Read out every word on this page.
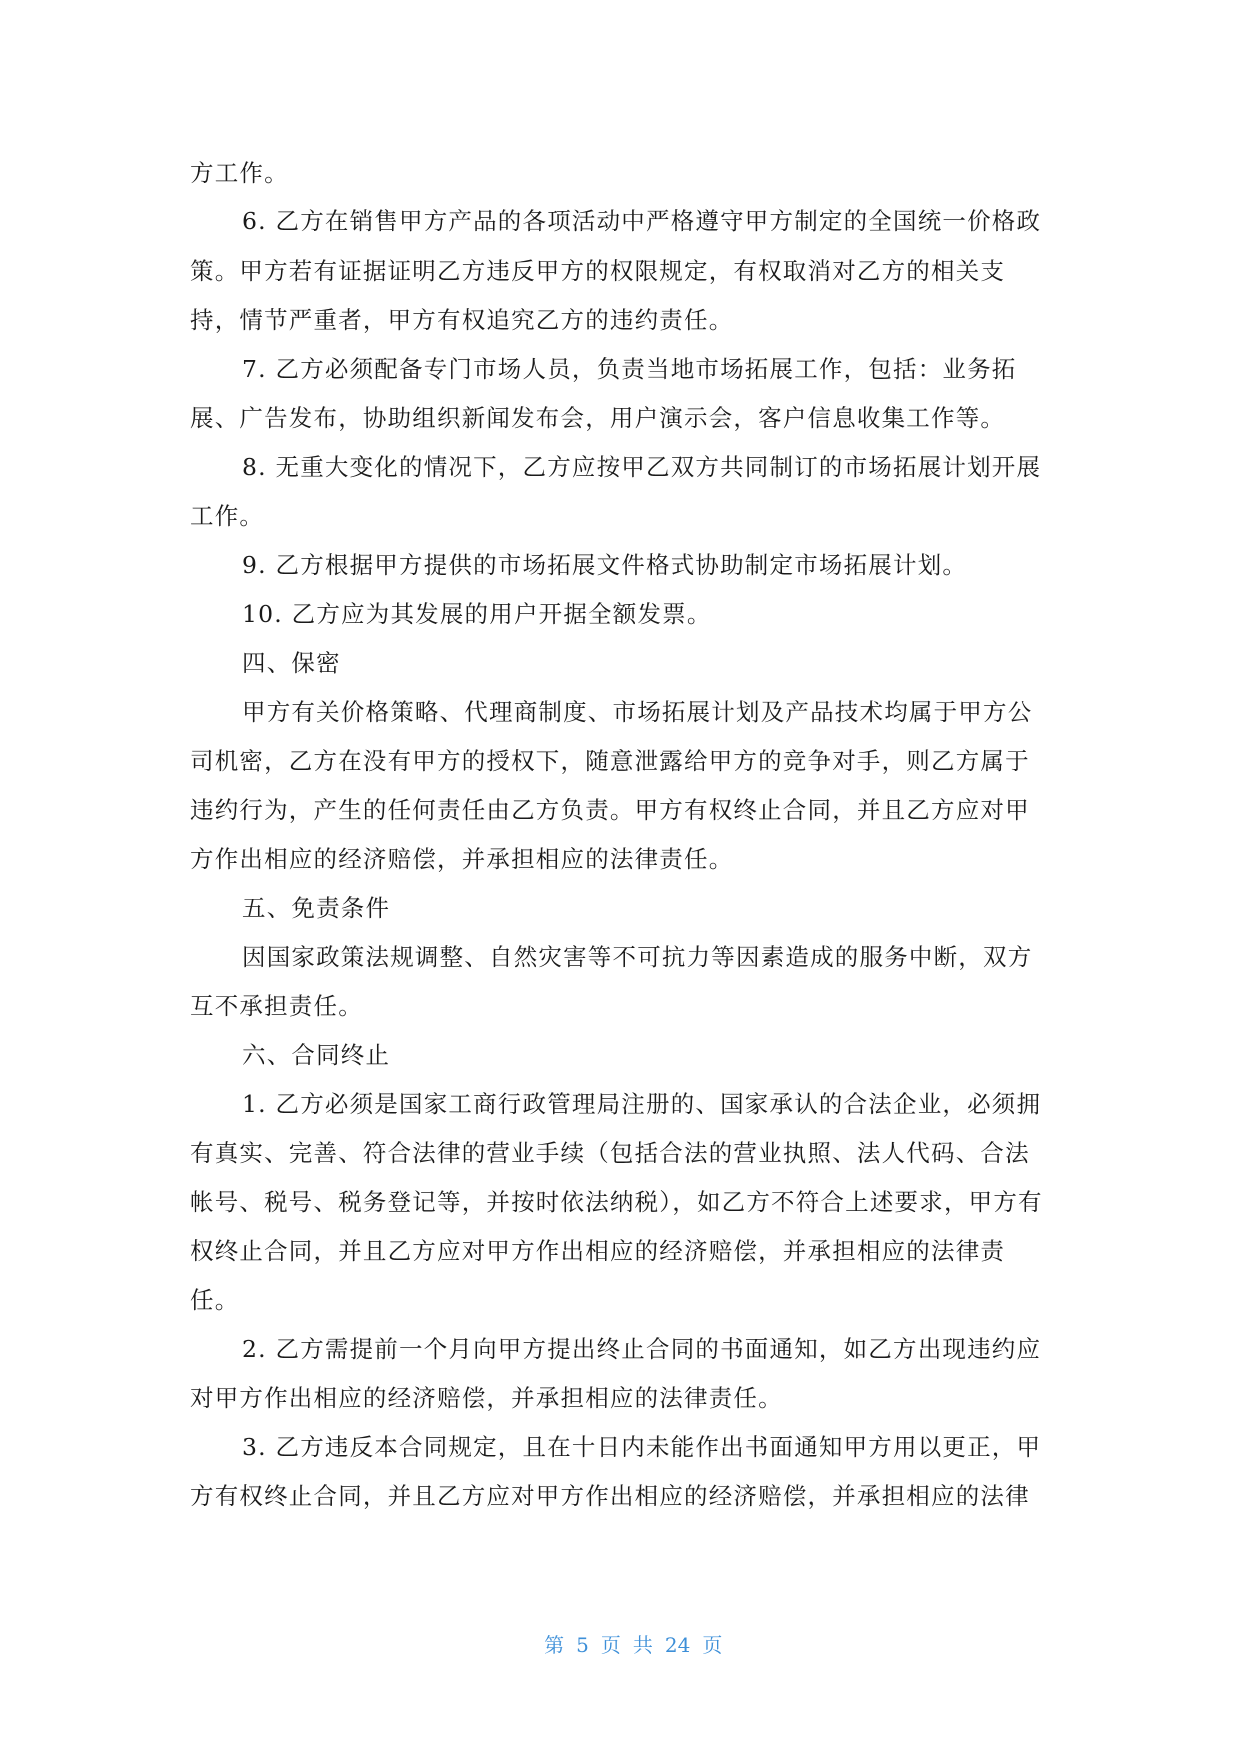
方工作。
6. 乙方在销售甲方产品的各项活动中严格遵守甲方制定的全国统一价格政
策。甲方若有证据证明乙方违反甲方的权限规定，有权取消对乙方的相关支
持，情节严重者，甲方有权追究乙方的违约责任。
7. 乙方必须配备专门市场人员，负责当地市场拓展工作，包括：业务拓
展、广告发布，协助组织新闻发布会，用户演示会，客户信息收集工作等。
8. 无重大变化的情况下，乙方应按甲乙双方共同制订的市场拓展计划开展
工作。
9. 乙方根据甲方提供的市场拓展文件格式协助制定市场拓展计划。
10. 乙方应为其发展的用户开据全额发票。
四、保密
甲方有关价格策略、代理商制度、市场拓展计划及产品技术均属于甲方公
司机密，乙方在没有甲方的授权下，随意泄露给甲方的竞争对手，则乙方属于
违约行为，产生的任何责任由乙方负责。甲方有权终止合同，并且乙方应对甲
方作出相应的经济赔偿，并承担相应的法律责任。
五、免责条件
因国家政策法规调整、自然灾害等不可抗力等因素造成的服务中断，双方
互不承担责任。
六、合同终止
1. 乙方必须是国家工商行政管理局注册的、国家承认的合法企业，必须拥
有真实、完善、符合法律的营业手续（包括合法的营业执照、法人代码、合法
帐号、税号、税务登记等，并按时依法纳税），如乙方不符合上述要求，甲方有
权终止合同，并且乙方应对甲方作出相应的经济赔偿，并承担相应的法律责
任。
2. 乙方需提前一个月向甲方提出终止合同的书面通知，如乙方出现违约应
对甲方作出相应的经济赔偿，并承担相应的法律责任。
3. 乙方违反本合同规定，且在十日内未能作出书面通知甲方用以更正，甲
方有权终止合同，并且乙方应对甲方作出相应的经济赔偿，并承担相应的法律

第 5 页 共 24 页
